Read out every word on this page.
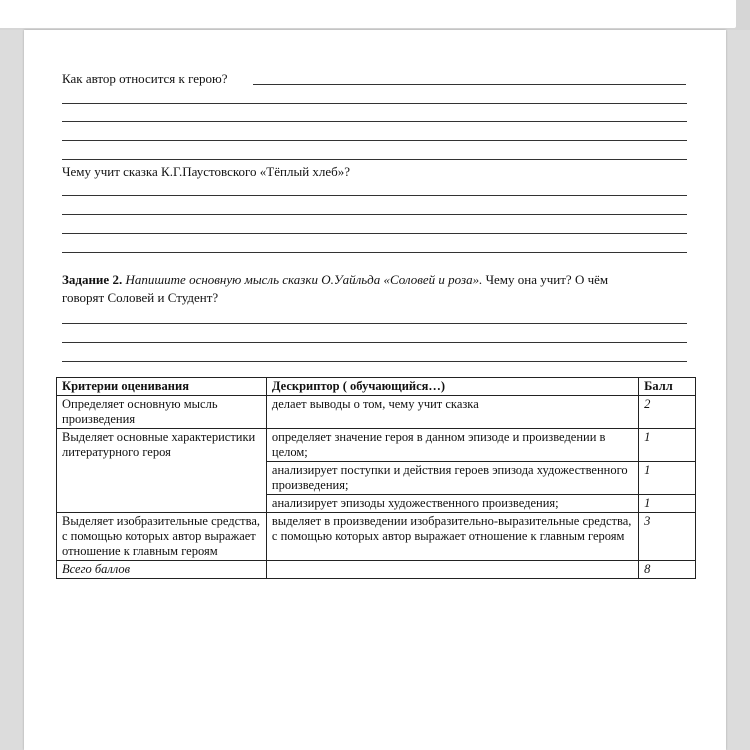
Как автор относится к герою?
Чему учит сказка К.Г.Паустовского «Тёплый хлеб»?
Задание 2. Напишите основную мысль сказки О.Уайльда «Соловей и роза». Чему она учит? О чём
говорят Соловей и Студент?
Критерии оценивания	Дескриптор ( обучающийся…)	Балл
Определяет основную мысль произведения	делает выводы о том, чему учит сказка	2
Выделяет основные характеристики литературного героя	определяет значение героя в данном эпизоде и произведении в целом;	1
	анализирует поступки и действия героев эпизода художественного произведения;	1
	анализирует эпизоды художественного произведения;	1
Выделяет изобразительные средства, с помощью которых автор выражает отношение к главным героям	выделяет в произведении изобразительно-выразительные средства, с помощью которых автор выражает отношение к главным героям	3
Всего баллов		8
